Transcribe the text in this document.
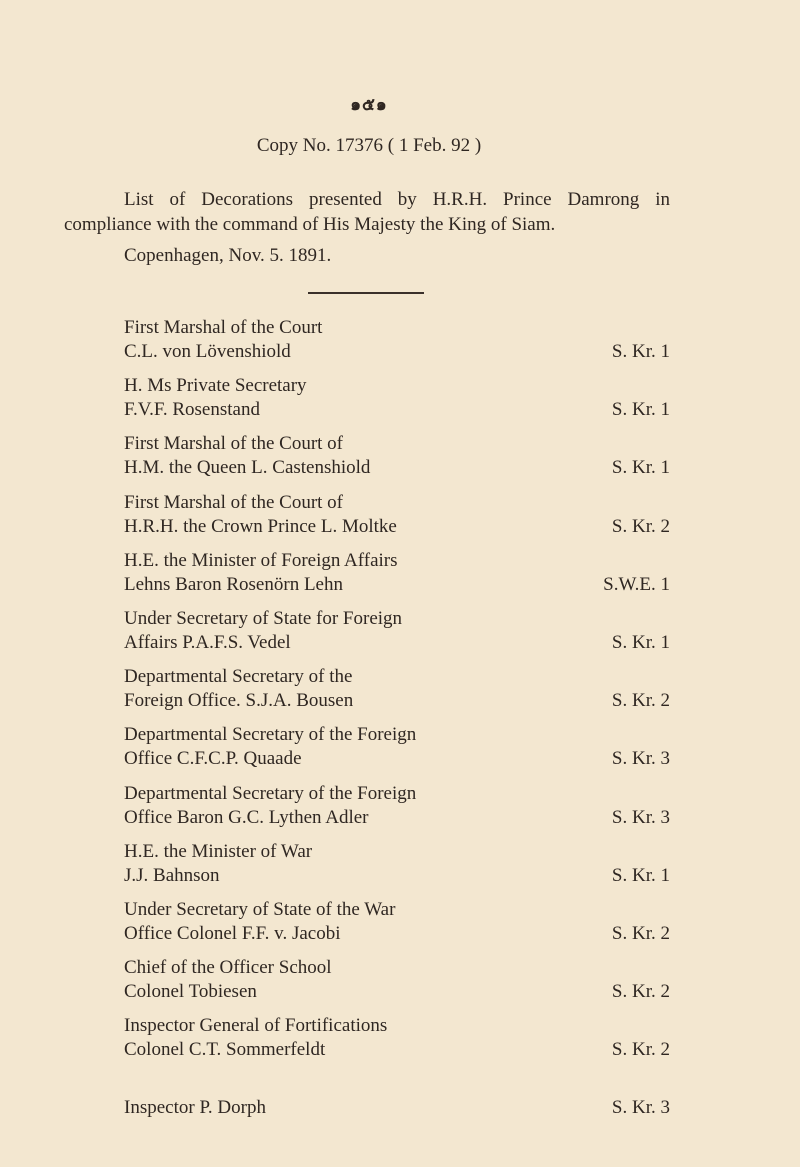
๑๕๑
Copy No. 17376 ( 1 Feb. 92 )

List of Decorations presented by H.R.H. Prince Damrong in compliance with the command of His Majesty the King of Siam.

Copenhagen, Nov. 5. 1891.
First Marshal of the Court
C.L. von Lövenshiold	S. Kr. 1
H. Ms Private Secretary
F.V.F. Rosenstand	S. Kr. 1
First Marshal of the Court of
H.M. the Queen L. Castenshiold	S. Kr. 1
First Marshal of the Court of
H.R.H. the Crown Prince L. Moltke	S. Kr. 2
H.E. the Minister of Foreign Affairs
Lehns Baron Rosenörn Lehn	S.W.E. 1
Under Secretary of State for Foreign
Affairs P.A.F.S. Vedel	S. Kr. 1
Departmental Secretary of the
Foreign Office. S.J.A. Bousen	S. Kr. 2
Departmental Secretary of the Foreign
Office C.F.C.P. Quaade	S. Kr. 3
Departmental Secretary of the Foreign
Office Baron G.C. Lythen Adler	S. Kr. 3
H.E. the Minister of War
J.J. Bahnson	S. Kr. 1
Under Secretary of State of the War
Office Colonel F.F. v. Jacobi	S. Kr. 2
Chief of the Officer School
Colonel Tobiesen	S. Kr. 2
Inspector General of Fortifications
Colonel C.T. Sommerfeldt	S. Kr. 2
Inspector P. Dorph	S. Kr. 3
